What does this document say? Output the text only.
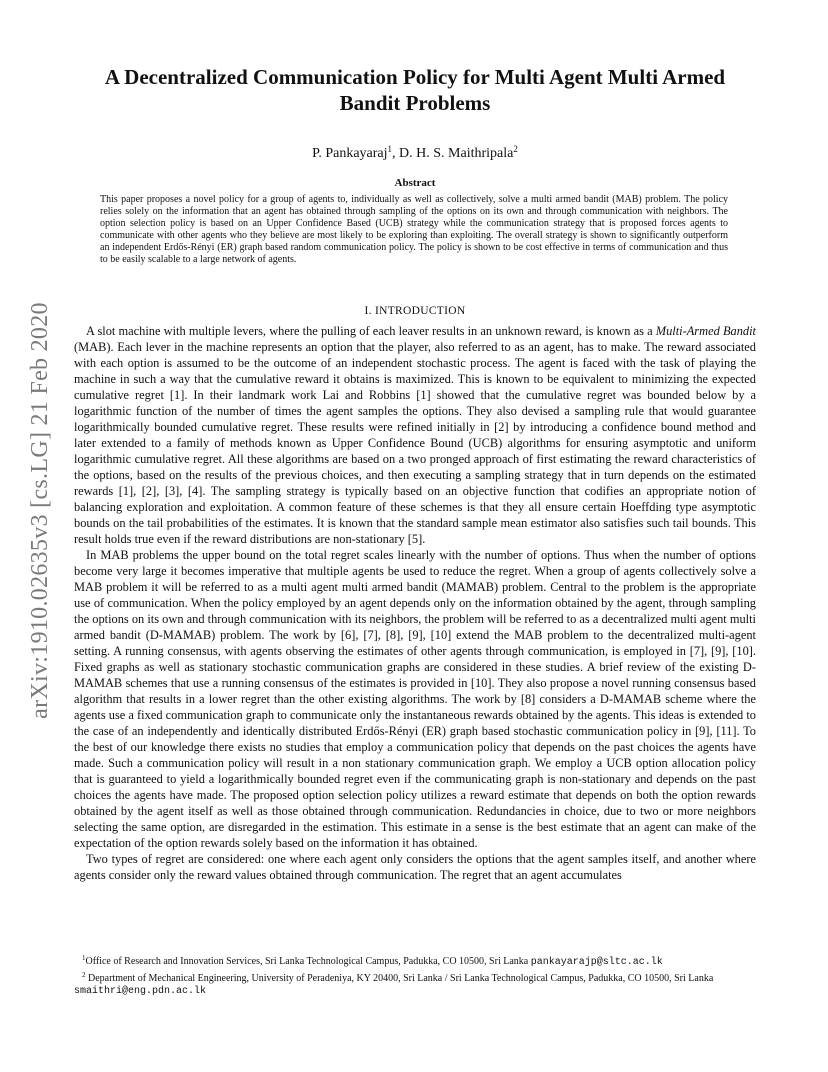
arXiv:1910.02635v3 [cs.LG] 21 Feb 2020
A Decentralized Communication Policy for Multi Agent Multi Armed
Bandit Problems
P. Pankayaraj$^1$, D. H. S. Maithripala$^2$
Abstract

This paper proposes a novel policy for a group of agents to, individually as well as collectively, solve a multi armed bandit (MAB) problem. The policy relies solely on the information that an agent has obtained through sampling of the options on its own and through communication with neighbors. The option selection policy is based on an Upper Confidence Based (UCB) strategy while the communication strategy that is proposed forces agents to communicate with other agents who they believe are most likely to be exploring than exploiting. The overall strategy is shown to significantly outperform an independent Erdős-Rényi (ER) graph based random communication policy. The policy is shown to be cost effective in terms of communication and thus to be easily scalable to a large network of agents.

I. INTRODUCTION

A slot machine with multiple levers, where the pulling of each leaver results in an unknown reward, is known as a Multi-Armed Bandit (MAB). Each lever in the machine represents an option that the player, also referred to as an agent, has to make. The reward associated with each option is assumed to be the outcome of an independent stochastic process. The agent is faced with the task of playing the machine in such a way that the cumulative reward it obtains is maximized. This is known to be equivalent to minimizing the expected cumulative regret [1]. In their landmark work Lai and Robbins [1] showed that the cumulative regret was bounded below by a logarithmic function of the number of times the agent samples the options. They also devised a sampling rule that would guarantee logarithmically bounded cumulative regret. These results were refined initially in [2] by introducing a confidence bound method and later extended to a family of methods known as Upper Confidence Bound (UCB) algorithms for ensuring asymptotic and uniform logarithmic cumulative regret. All these algorithms are based on a two pronged approach of first estimating the reward characteristics of the options, based on the results of the previous choices, and then executing a sampling strategy that in turn depends on the estimated rewards [1], [2], [3], [4]. The sampling strategy is typically based on an objective function that codifies an appropriate notion of balancing exploration and exploitation. A common feature of these schemes is that they all ensure certain Hoeffding type asymptotic bounds on the tail probabilities of the estimates. It is known that the standard sample mean estimator also satisfies such tail bounds. This result holds true even if the reward distributions are non-stationary [5].

In MAB problems the upper bound on the total regret scales linearly with the number of options. Thus when the number of options become very large it becomes imperative that multiple agents be used to reduce the regret. When a group of agents collectively solve a MAB problem it will be referred to as a multi agent multi armed bandit (MAMAB) problem. Central to the problem is the appropriate use of communication. When the policy employed by an agent depends only on the information obtained by the agent, through sampling the options on its own and through communication with its neighbors, the problem will be referred to as a decentralized multi agent multi armed bandit (D-MAMAB) problem. The work by [6], [7], [8], [9], [10] extend the MAB problem to the decentralized multi-agent setting. A running consensus, with agents observing the estimates of other agents through communication, is employed in [7], [9], [10]. Fixed graphs as well as stationary stochastic communication graphs are considered in these studies. A brief review of the existing D-MAMAB schemes that use a running consensus of the estimates is provided in [10]. They also propose a novel running consensus based algorithm that results in a lower regret than the other existing algorithms. The work by [8] considers a D-MAMAB scheme where the agents use a fixed communication graph to communicate only the instantaneous rewards obtained by the agents. This ideas is extended to the case of an independently and identically distributed Erdős-Rényi (ER) graph based stochastic communication policy in [9], [11]. To the best of our knowledge there exists no studies that employ a communication policy that depends on the past choices the agents have made. Such a communication policy will result in a non stationary communication graph. We employ a UCB option allocation policy that is guaranteed to yield a logarithmically bounded regret even if the communicating graph is non-stationary and depends on the past choices the agents have made. The proposed option selection policy utilizes a reward estimate that depends on both the option rewards obtained by the agent itself as well as those obtained through communication. Redundancies in choice, due to two or more neighbors selecting the same option, are disregarded in the estimation. This estimate in a sense is the best estimate that an agent can make of the expectation of the option rewards solely based on the information it has obtained.

Two types of regret are considered: one where each agent only considers the options that the agent samples itself, and another where agents consider only the reward values obtained through communication. The regret that an agent accumulates

$^1$Office of Research and Innovation Services, Sri Lanka Technological Campus, Padukka, CO 10500, Sri Lanka pankayarajp@sltc.ac.lk

$^2$ Department of Mechanical Engineering, University of Peradeniya, KY 20400, Sri Lanka / Sri Lanka Technological Campus, Padukka, CO 10500, Sri Lanka smaithri@eng.pdn.ac.lk
